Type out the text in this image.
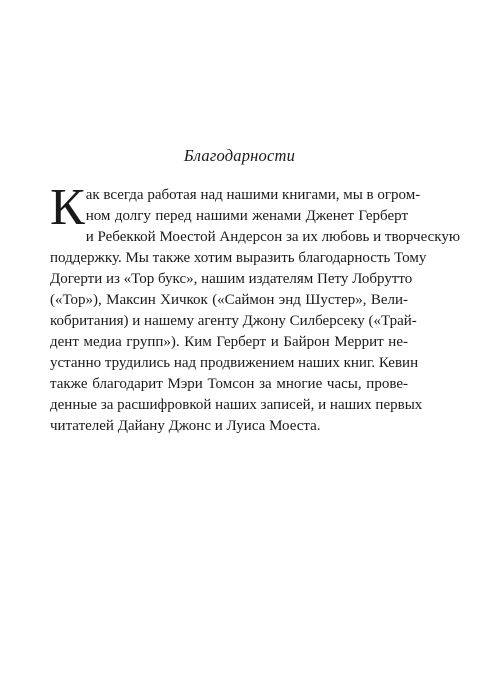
Благодарности
К ак всегда работая над нашими книгами, мы в огром-
ном долгу перед нашими женами Дженет Герберт
и Ребеккой Моестой Андерсон за их любовь и творческую
поддержку. Мы также хотим выразить благодарность Тому
Догерти из «Тор букс», нашим издателям Пету Лобрутто
(«Тор»), Максин Хичкок («Саймон энд Шустер», Вели-
кобритания) и нашему агенту Джону Силберсеку («Трай-
дент медиа групп»). Ким Герберт и Байрон Меррит не-
устанно трудились над продвижением наших книг. Кевин
также благодарит Мэри Томсон за многие часы, прове-
денные за расшифровкой наших записей, и наших первых
читателей Дайану Джонс и Луиса Моеста.
